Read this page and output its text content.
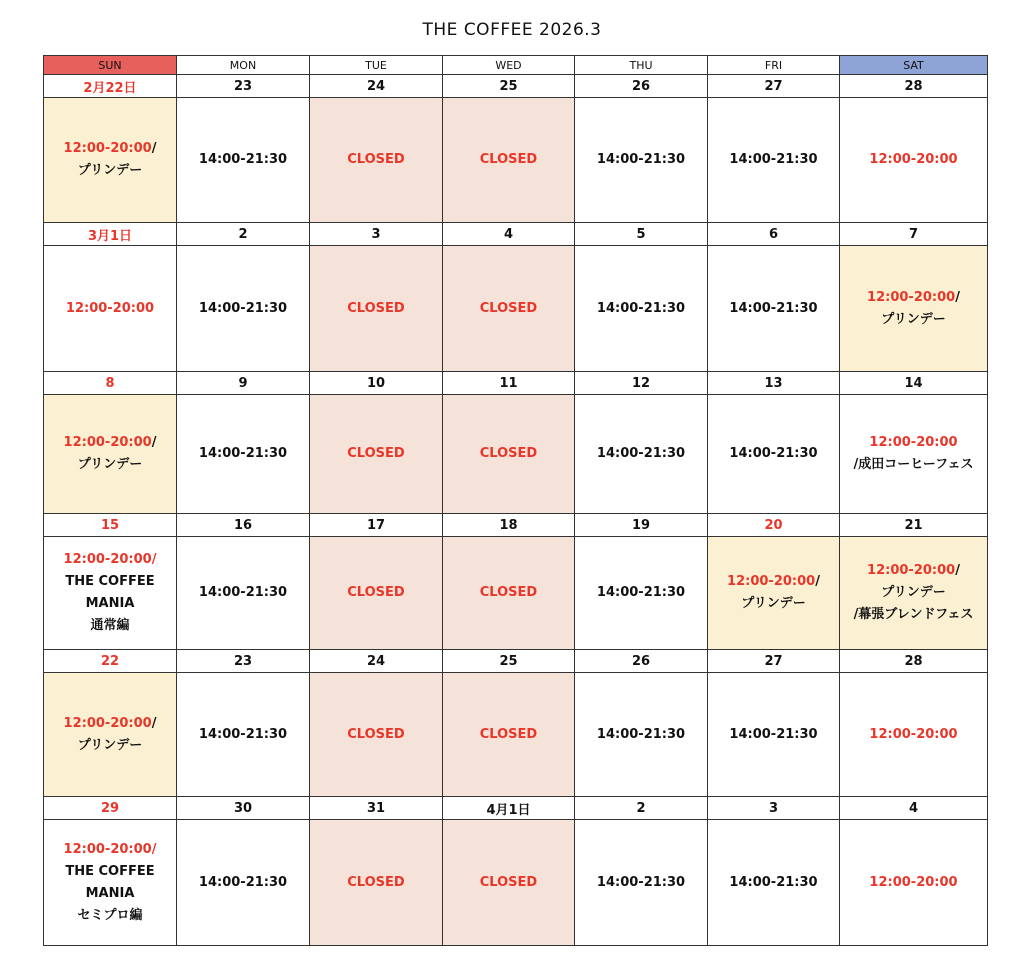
THE COFFEE 2026.3
SUN	MON	TUE	WED	THU	FRI	SAT
2月22日	23	24	25	26	27	28

12:00-20:00/
プリンデー	14:00-21:30	CLOSED	CLOSED	14:00-21:30	14:00-21:30	12:00-20:00

3月1日	2	3	4	5	6	7

12:00-20:00	14:00-21:30	CLOSED	CLOSED	14:00-21:30	14:00-21:30	12:00-20:00/
プリンデー

8	9	10	11	12	13	14

12:00-20:00/
プリンデー	14:00-21:30	CLOSED	CLOSED	14:00-21:30	14:00-21:30	12:00-20:00
/成田コーヒーフェス

15	16	17	18	19	20	21

12:00-20:00/
THE COFFEE
MANIA
通常編	14:00-21:30	CLOSED	CLOSED	14:00-21:30	12:00-20:00/
プリンデー	12:00-20:00/
プリンデー
/幕張ブレンドフェス

22	23	24	25	26	27	28

12:00-20:00/
プリンデー	14:00-21:30	CLOSED	CLOSED	14:00-21:30	14:00-21:30	12:00-20:00

29	30	31	4月1日	2	3	4

12:00-20:00/
THE COFFEE
MANIA
セミプロ編	14:00-21:30	CLOSED	CLOSED	14:00-21:30	14:00-21:30	12:00-20:00
